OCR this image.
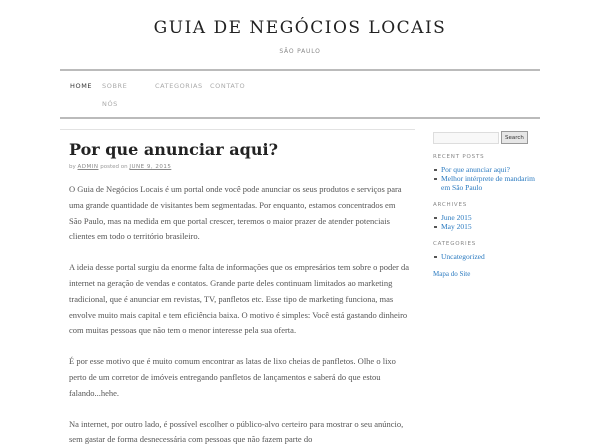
GUIA DE NEGÓCIOS LOCAIS
SÃO PAULO
HOME SOBRE
NÓS
CATEGORIAS CONTATO
Por que anunciar aqui?
by ADMIN posted on JUNE 9, 2015

O Guia de Negócios Locais é um portal onde você pode anunciar os seus produtos e serviços para uma grande quantidade de visitantes bem segmentadas. Por enquanto, estamos concentrados em São Paulo, mas na medida em que portal crescer, teremos o maior prazer de atender potenciais clientes em todo o território brasileiro.

A ideia desse portal surgiu da enorme falta de informações que os empresários tem sobre o poder da internet na geração de vendas e contatos. Grande parte deles continuam limitados ao marketing tradicional, que é anunciar em revistas, TV, panfletos etc. Esse tipo de marketing funciona, mas envolve muito mais capital e tem eficiência baixa. O motivo é simples: Você está gastando dinheiro com muitas pessoas que não tem o menor interesse pela sua oferta.

É por esse motivo que é muito comum encontrar as latas de lixo cheias de panfletos. Olhe o lixo perto de um corretor de imóveis entregando panfletos de lançamentos e saberá do que estou falando...hehe.

Na internet, por outro lado, é possível escolher o público-alvo certeiro para mostrar o seu anúncio, sem gastar de forma desnecessária com pessoas que não fazem parte do

Search
RECENT POSTS
Por que anunciar aqui?
Melhor intérprete de mandarim em São Paulo
ARCHIVES
June 2015
May 2015
CATEGORIES
Uncategorized
Mapa do Site
